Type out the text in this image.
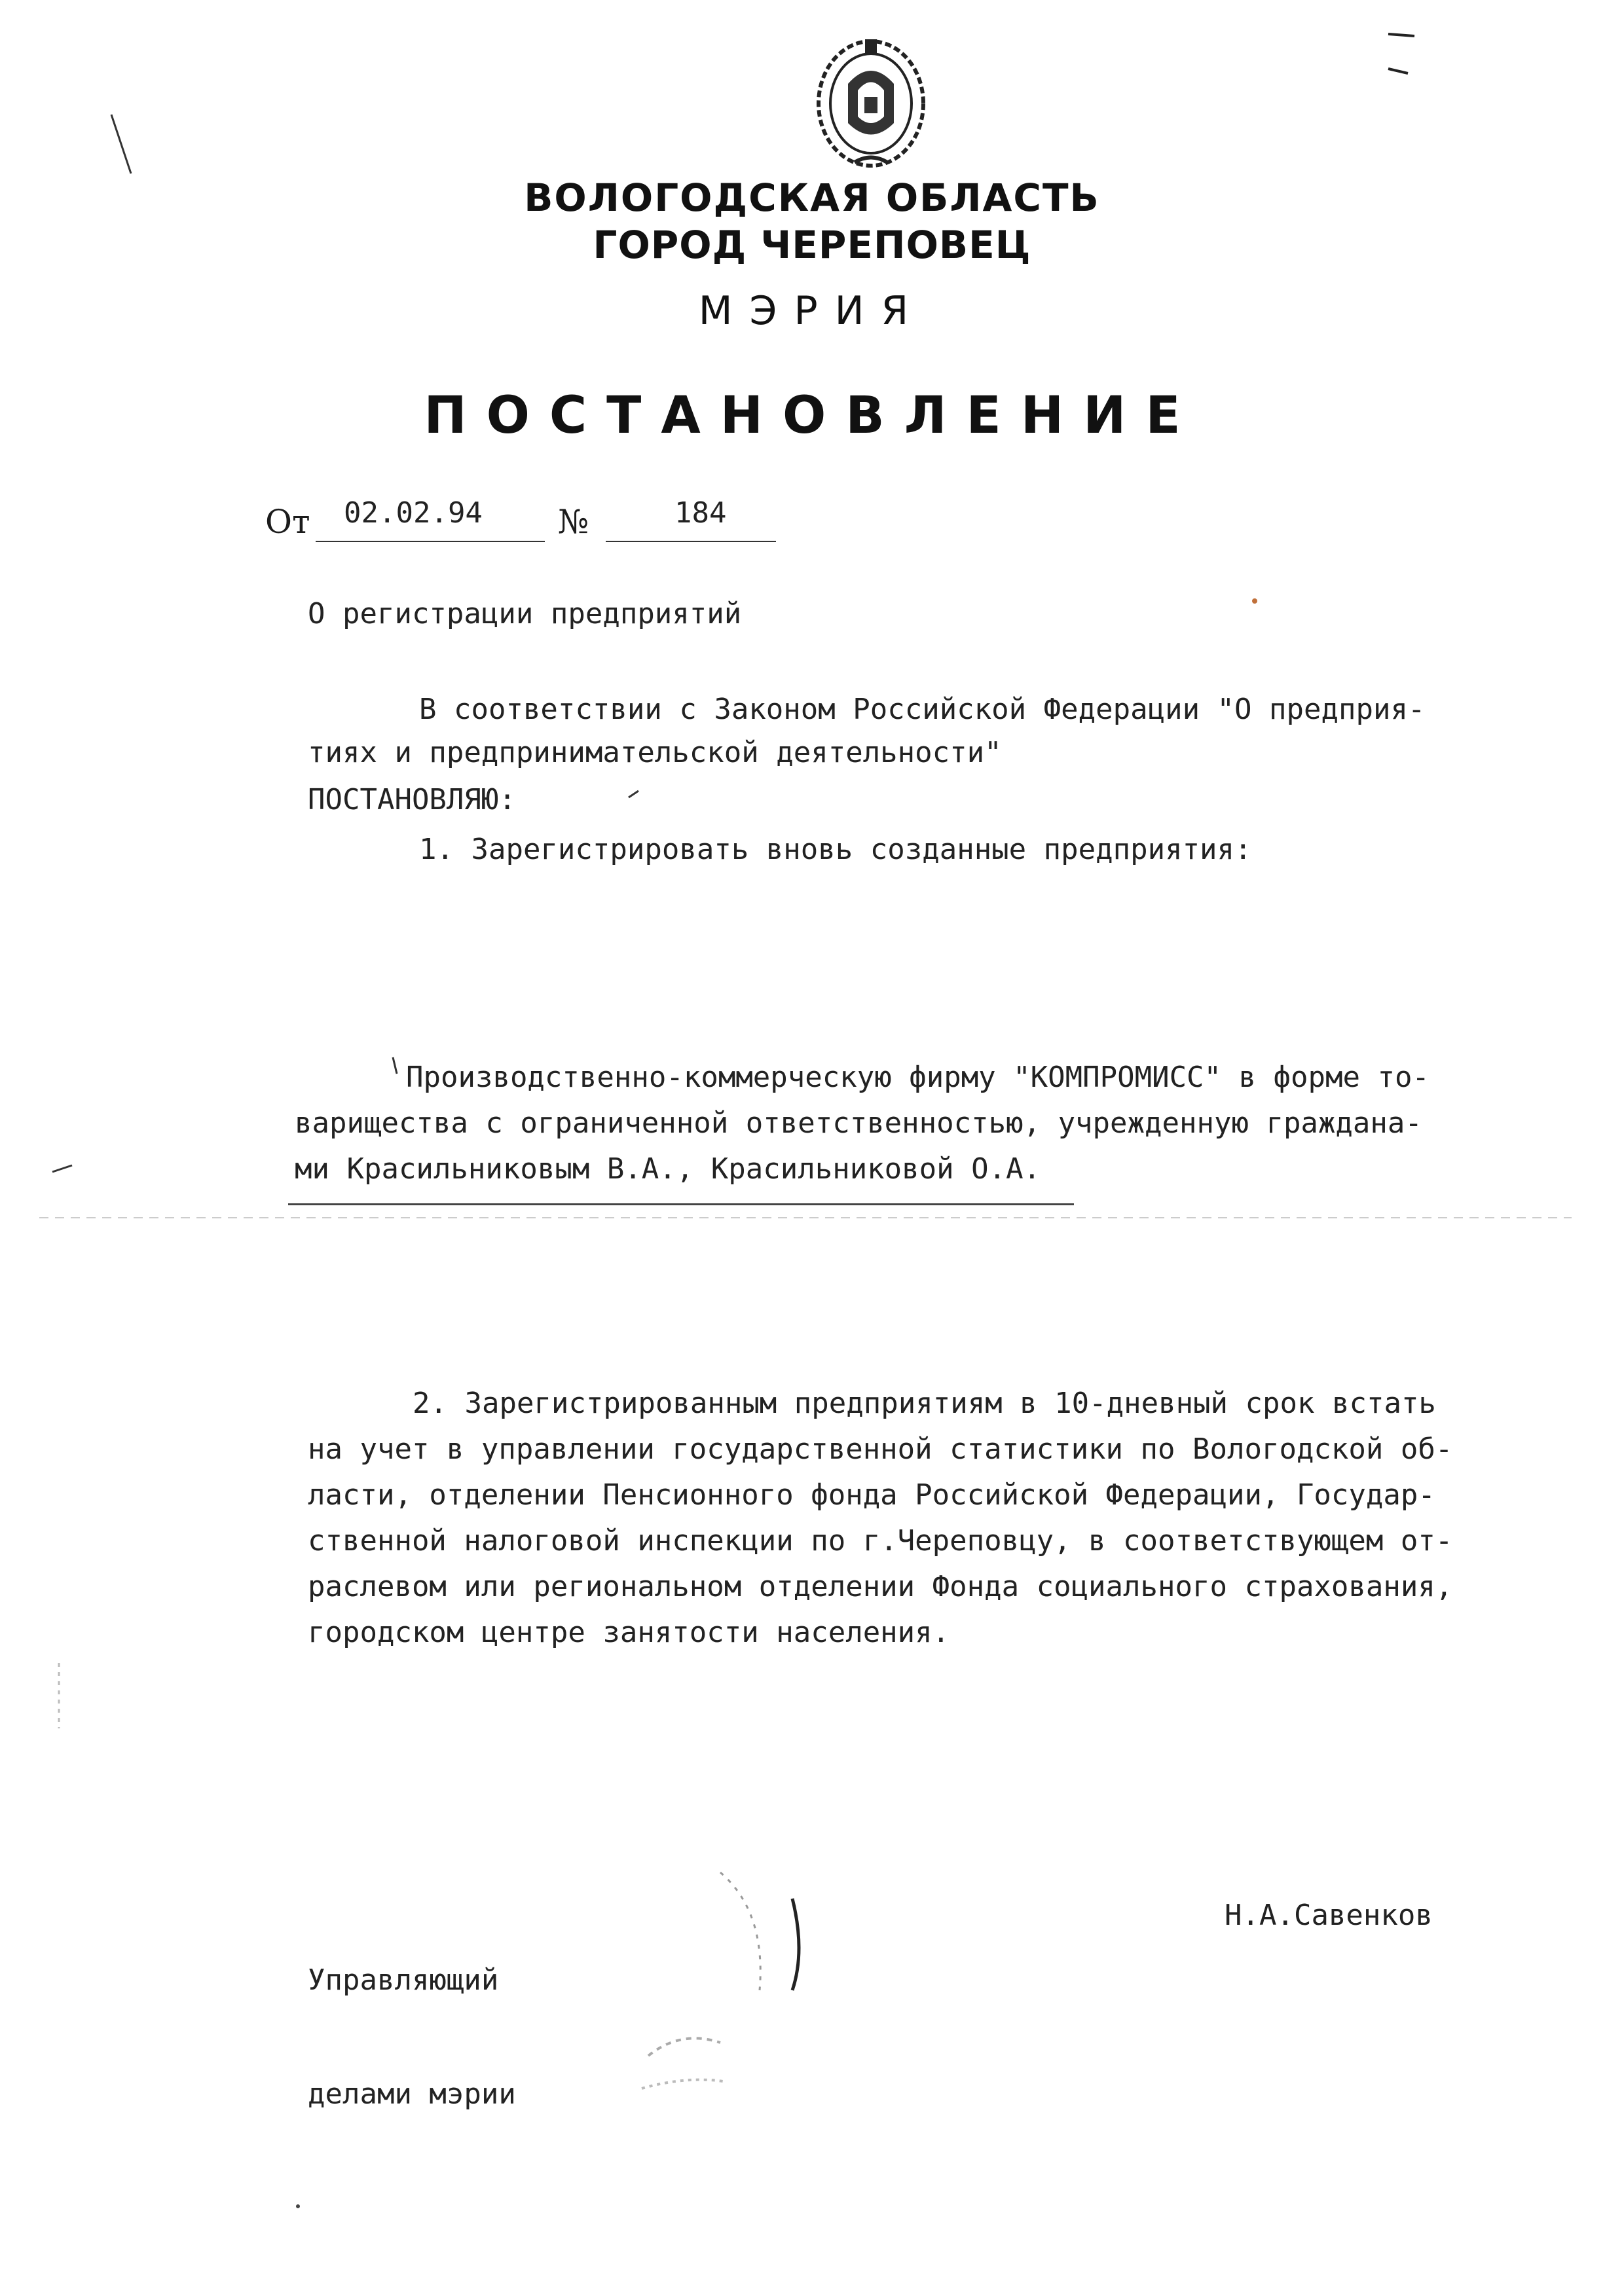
ВОЛОГОДСКАЯ ОБЛАСТЬ
ГОРОД ЧЕРЕПОВЕЦ
МЭРИЯ
ПОСТАНОВЛЕНИЕ
От 02.02.94 №	184
О регистрации предприятий
В соответствии с Законом Российской Федерации "О предприя-
тиях и предпринимательской деятельности"
ПОСТАНОВЛЯЮ:
1. Зарегистрировать вновь созданные предприятия:
Производственно-коммерческую фирму "КОМПРОМИСС" в форме то-
варищества с ограниченной ответственностью, учрежденную граждана-
ми Красильниковым В.А., Красильниковой О.А.
2. Зарегистрированным предприятиям в 10-дневный срок встать
на учет в управлении государственной статистики по Вологодской об-
ласти, отделении Пенсионного фонда Российской Федерации, Государ-
ственной налоговой инспекции по г.Череповцу, в соответствующем от-
раслевом или региональном отделении Фонда социального страхования,
городском центре занятости населения.

Управляющий

делами мэрии

Н.А.Савенков
